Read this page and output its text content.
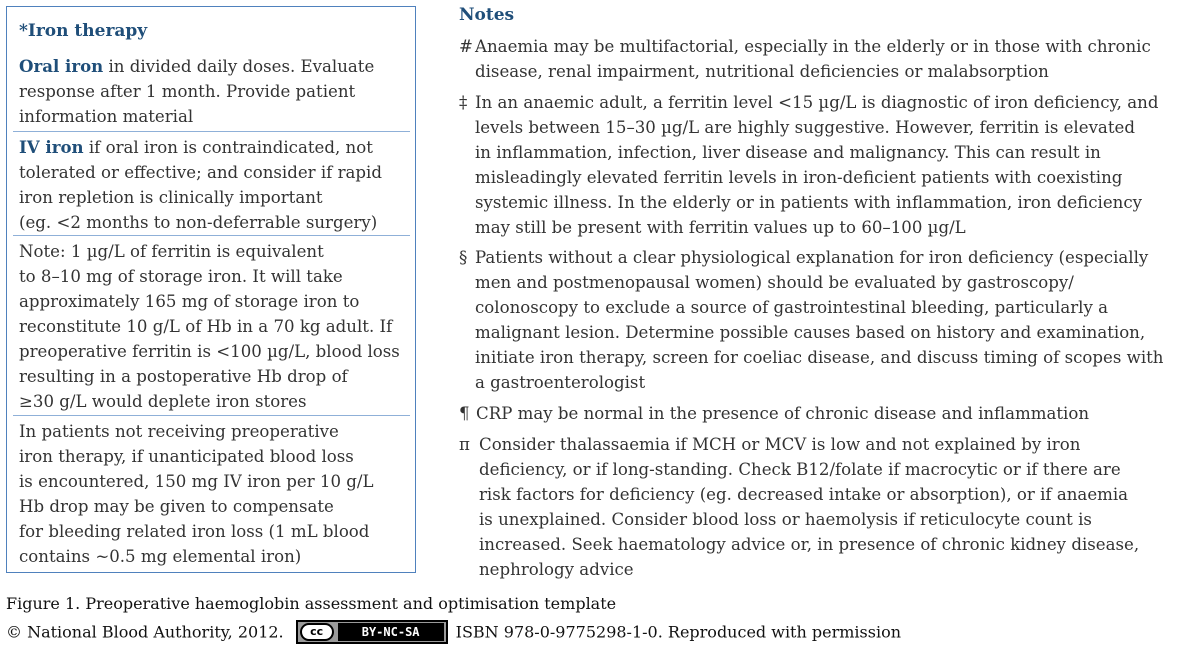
*Iron therapy
Oral iron in divided daily doses. Evaluate
response after 1 month. Provide patient
information material
IV iron if oral iron is contraindicated, not
tolerated or effective; and consider if rapid
iron repletion is clinically important
(eg. <2 months to non-deferrable surgery)
Note: 1 µg/L of ferritin is equivalent
to 8–10 mg of storage iron. It will take
approximately 165 mg of storage iron to
reconstitute 10 g/L of Hb in a 70 kg adult. If
preoperative ferritin is <100 µg/L, blood loss
resulting in a postoperative Hb drop of
≥30 g/L would deplete iron stores
In patients not receiving preoperative
iron therapy, if unanticipated blood loss
is encountered, 150 mg IV iron per 10 g/L
Hb drop may be given to compensate
for bleeding related iron loss (1 mL blood
contains ~0.5 mg elemental iron)
Notes
# Anaemia may be multifactorial, especially in the elderly or in those with chronic
disease, renal impairment, nutritional deficiencies or malabsorption
‡ In an anaemic adult, a ferritin level <15 µg/L is diagnostic of iron deficiency, and
levels between 15–30 µg/L are highly suggestive. However, ferritin is elevated
in inflammation, infection, liver disease and malignancy. This can result in
misleadingly elevated ferritin levels in iron-deficient patients with coexisting
systemic illness. In the elderly or in patients with inflammation, iron deficiency
may still be present with ferritin values up to 60–100 µg/L
§ Patients without a clear physiological explanation for iron deficiency (especially
men and postmenopausal women) should be evaluated by gastroscopy/
colonoscopy to exclude a source of gastrointestinal bleeding, particularly a
malignant lesion. Determine possible causes based on history and examination,
initiate iron therapy, screen for coeliac disease, and discuss timing of scopes with
a gastroenterologist
¶ CRP may be normal in the presence of chronic disease and inflammation
π Consider thalassaemia if MCH or MCV is low and not explained by iron
deficiency, or if long-standing. Check B12/folate if macrocytic or if there are
risk factors for deficiency (eg. decreased intake or absorption), or if anaemia
is unexplained. Consider blood loss or haemolysis if reticulocyte count is
increased. Seek haematology advice or, in presence of chronic kidney disease,
nephrology advice
Figure 1. Preoperative haemoglobin assessment and optimisation template
© National Blood Authority, 2012.	cc	BY-NC-SA	ISBN 978-0-9775298-1-0. Reproduced with permission
